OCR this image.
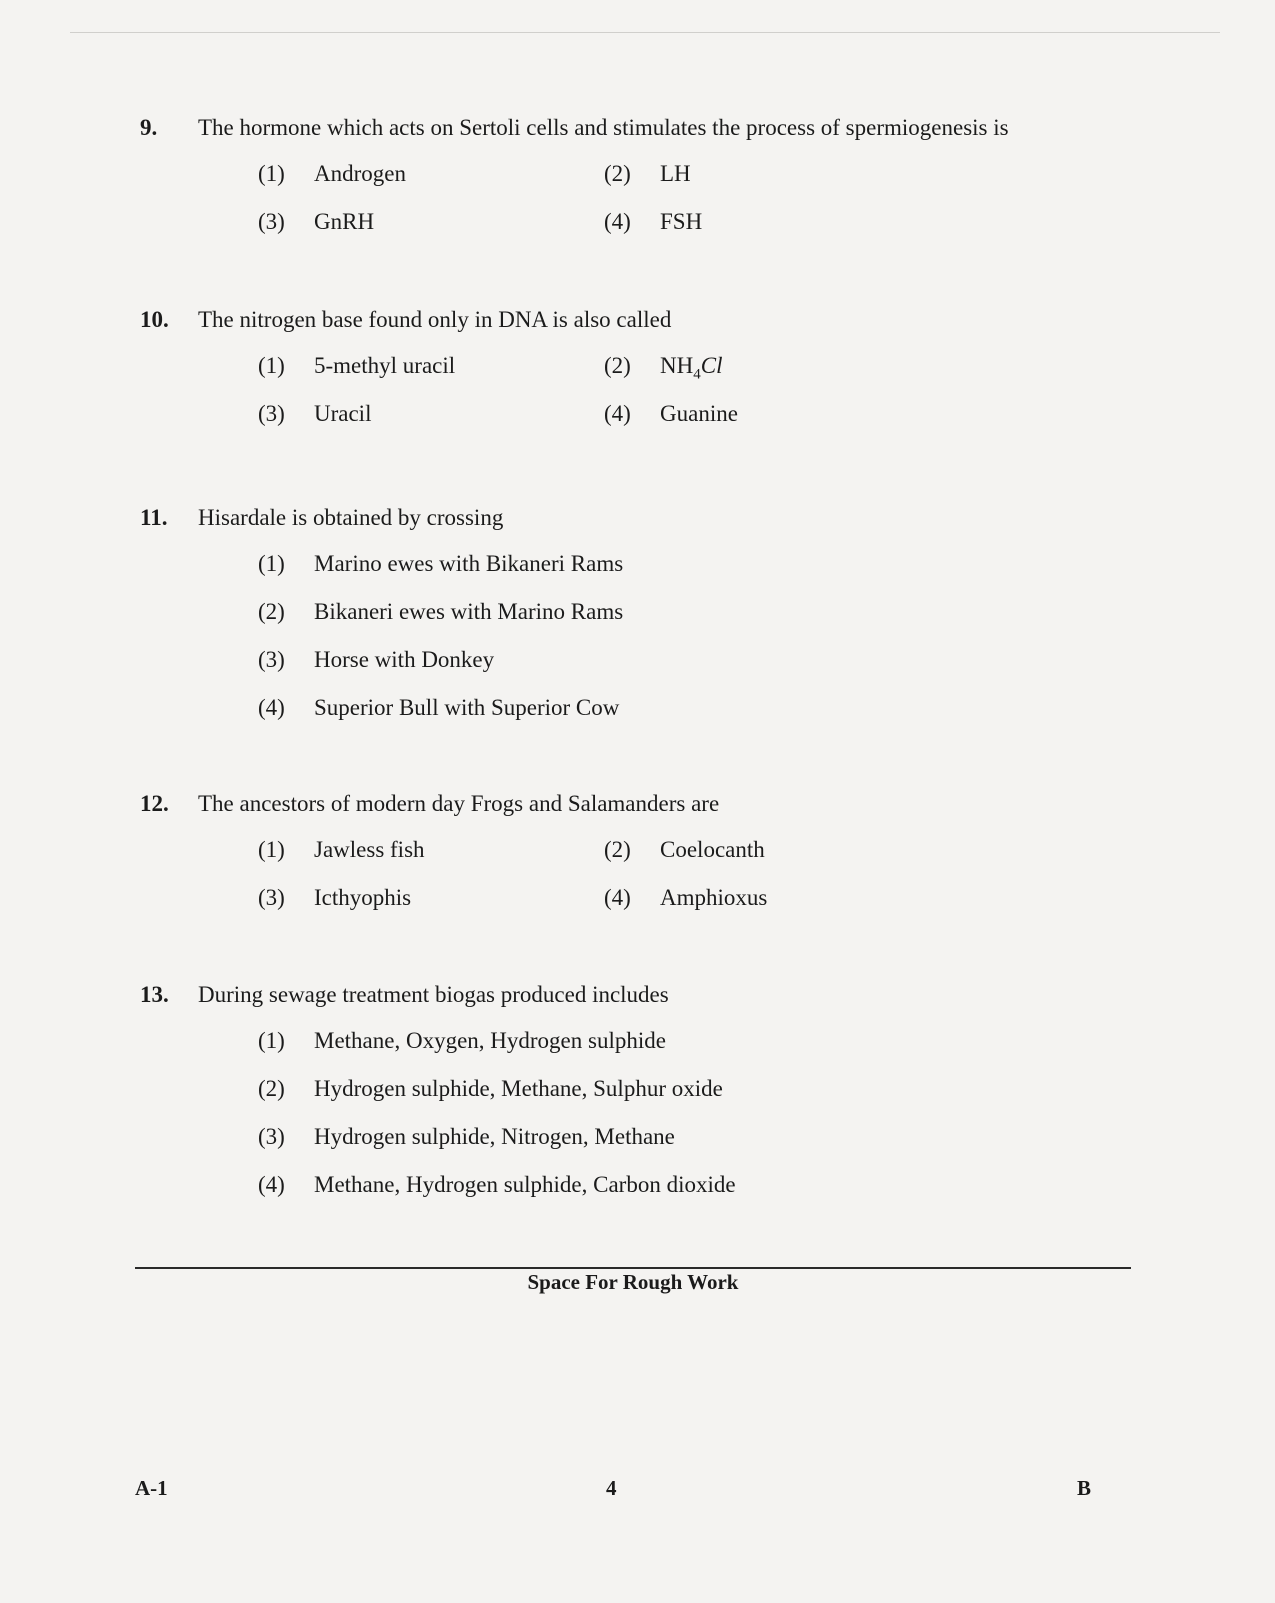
9.	The hormone which acts on Sertoli cells and stimulates the process of spermiogenesis is
(1)	Androgen	(2)	LH
(3)	GnRH	(4)	FSH
10.	The nitrogen base found only in DNA is also called
(1)	5-methyl uracil	(2)	$NH_4Cl$
(3)	Uracil	(4)	Guanine
11.	Hisardale is obtained by crossing
(1)	Marino ewes with Bikaneri Rams
(2)	Bikaneri ewes with Marino Rams
(3)	Horse with Donkey
(4)	Superior Bull with Superior Cow
12.	The ancestors of modern day Frogs and Salamanders are
(1)	Jawless fish	(2)	Coelocanth
(3)	Icthyophis	(4)	Amphioxus
13.	During sewage treatment biogas produced includes
(1)	Methane, Oxygen, Hydrogen sulphide
(2)	Hydrogen sulphide, Methane, Sulphur oxide
(3)	Hydrogen sulphide, Nitrogen, Methane
(4)	Methane, Hydrogen sulphide, Carbon dioxide
Space For Rough Work
A-1	4	B
